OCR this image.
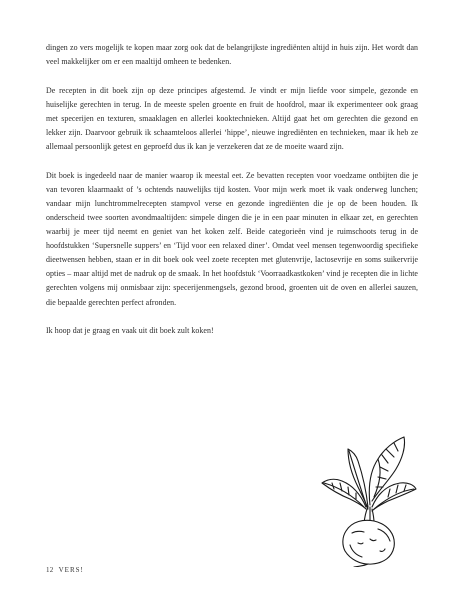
dingen zo vers mogelijk te kopen maar zorg ook dat de belangrijkste ingrediënten altijd in huis zijn. Het wordt dan veel makkelijker om er een maaltijd omheen te bedenken.

De recepten in dit boek zijn op deze principes afgestemd. Je vindt er mijn liefde voor simpele, gezonde en huiselijke gerechten in terug. In de meeste spelen groente en fruit de hoofdrol, maar ik experimenteer ook graag met specerijen en texturen, smaaklagen en allerlei kooktechnieken. Altijd gaat het om gerechten die gezond en lekker zijn. Daarvoor gebruik ik schaamteloos allerlei ‘hippe’, nieuwe ingrediënten en technieken, maar ik heb ze allemaal persoonlijk getest en geproefd dus ik kan je verzekeren dat ze de moeite waard zijn.

Dit boek is ingedeeld naar de manier waarop ik meestal eet. Ze bevatten recepten voor voedzame ontbijten die je van tevoren klaarmaakt of ’s ochtends nauwelijks tijd kosten. Voor mijn werk moet ik vaak onderweg lunchen; vandaar mijn lunchtrommelrecepten stampvol verse en gezonde ingrediënten die je op de been houden. Ik onderscheid twee soorten avondmaaltijden: simpele dingen die je in een paar minuten in elkaar zet, en gerechten waarbij je meer tijd neemt en geniet van het koken zelf. Beide categorieën vind je ruimschoots terug in de hoofdstukken ‘Supersnelle suppers’ en ‘Tijd voor een relaxed diner’. Omdat veel mensen tegenwoordig specifieke dieetwensen hebben, staan er in dit boek ook veel zoete recepten met glutenvrije, lactosevrije en soms suikervrije opties – maar altijd met de nadruk op de smaak. In het hoofdstuk ‘Voorraadkastkoken’ vind je recepten die in lichte gerechten volgens mij onmisbaar zijn: specerijenmengsels, gezond brood, groenten uit de oven en allerlei sauzen, die bepaalde gerechten perfect afronden.

Ik hoop dat je graag en vaak uit dit boek zult koken!

12 VERS!
